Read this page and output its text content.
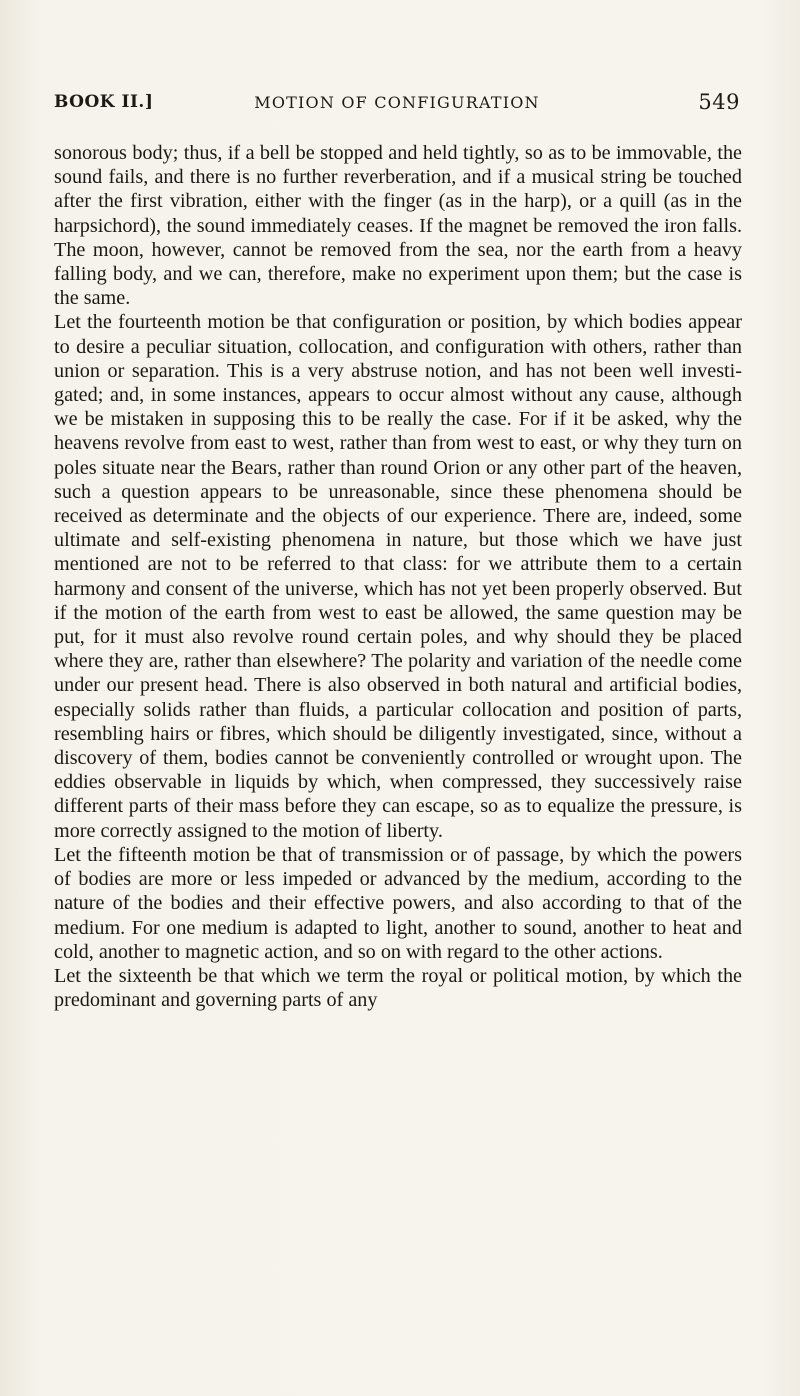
BOOK II.]	MOTION OF CONFIGURATION	549

sonorous body; thus, if a bell be stopped and held tightly, so as to be immovable, the sound fails, and there is no further reverberation, and if a musical string be touched after the first vibration, either with the finger (as in the harp), or a quill (as in the harpsichord), the sound immediately ceases. If the magnet be removed the iron falls. The moon, however, cannot be removed from the sea, nor the earth from a heavy falling body, and we can, therefore, make no experiment upon them; but the case is the same.

Let the fourteenth motion be that configuration or position, by which bodies appear to desire a peculiar situation, collocation, and configuration with others, rather than union or separation. This is a very abstruse notion, and has not been well investigated; and, in some instances, appears to occur almost without any cause, although we be mistaken in supposing this to be really the case. For if it be asked, why the heavens revolve from east to west, rather than from west to east, or why they turn on poles situate near the Bears, rather than round Orion or any other part of the heaven, such a question appears to be unreasonable, since these phenomena should be received as determinate and the objects of our experience. There are, indeed, some ultimate and self-existing phenomena in nature, but those which we have just mentioned are not to be referred to that class: for we attribute them to a certain harmony and consent of the universe, which has not yet been properly observed. But if the motion of the earth from west to east be allowed, the same question may be put, for it must also revolve round certain poles, and why should they be placed where they are, rather than elsewhere? The polarity and variation of the needle come under our present head. There is also observed in both natural and artificial bodies, especially solids rather than fluids, a particular collocation and position of parts, resembling hairs or fibres, which should be diligently investigated, since, without a discovery of them, bodies cannot be conveniently controlled or wrought upon. The eddies observable in liquids by which, when compressed, they successively raise different parts of their mass before they can escape, so as to equalize the pressure, is more correctly assigned to the motion of liberty.

Let the fifteenth motion be that of transmission or of passage, by which the powers of bodies are more or less impeded or advanced by the medium, according to the nature of the bodies and their effective powers, and also according to that of the medium. For one medium is adapted to light, another to sound, another to heat and cold, another to magnetic action, and so on with regard to the other actions.

Let the sixteenth be that which we term the royal or political motion, by which the predominant and governing parts of any
